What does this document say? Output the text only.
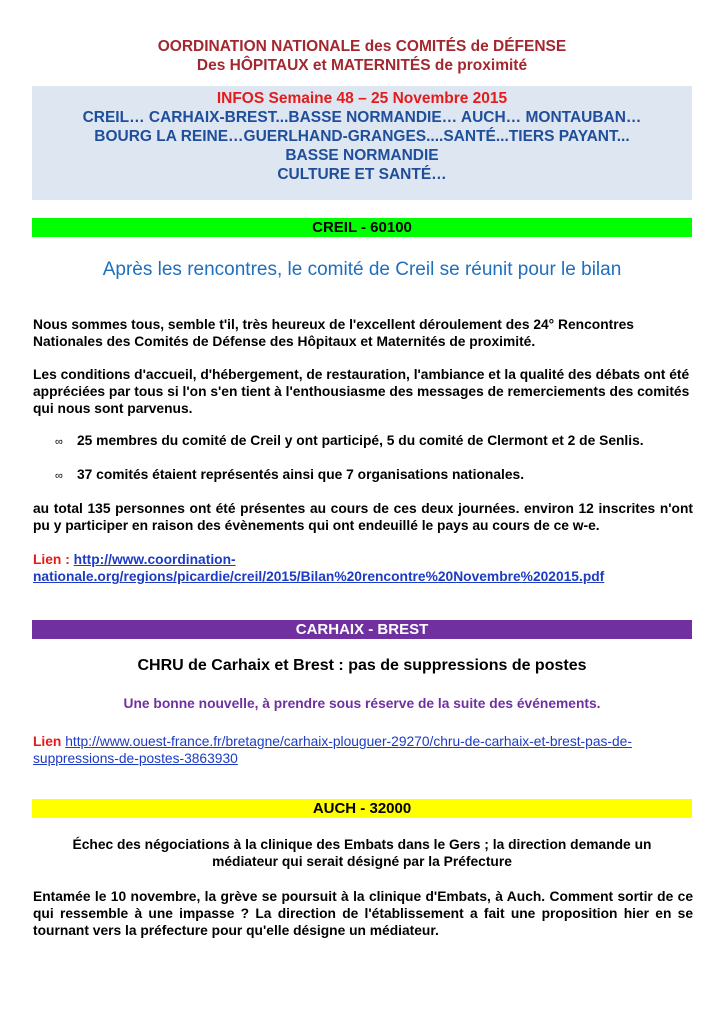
OORDINATION NATIONALE des COMITÉS de DÉFENSE
Des HÔPITAUX et MATERNITÉS de proximité
INFOS Semaine 48 – 25 Novembre 2015
CREIL… CARHAIX-BREST...BASSE NORMANDIE… AUCH… MONTAUBAN…
BOURG LA REINE…GUERLHAND-GRANGES....SANTÉ...TIERS PAYANT...
BASSE NORMANDIE
CULTURE ET SANTÉ…
CREIL - 60100
Après les rencontres, le comité de Creil se réunit pour le bilan
Nous sommes tous, semble t'il, très heureux de l'excellent déroulement des 24° Rencontres Nationales des Comités de Défense des Hôpitaux et Maternités de proximité.
Les conditions d'accueil, d'hébergement, de restauration, l'ambiance et la qualité des débats ont été appréciées par tous si l'on s'en tient à l'enthousiasme des messages de remerciements des comités qui nous sont parvenus.
∞ 25 membres du comité de Creil y ont participé, 5 du comité de Clermont et 2 de Senlis.
∞ 37 comités étaient représentés ainsi que 7 organisations nationales.
au total 135 personnes ont été présentes au cours de ces deux journées. environ 12 inscrites n'ont pu y participer en raison des évènements qui ont endeuillé le pays au cours de ce w-e.
Lien : http://www.coordination-
nationale.org/regions/picardie/creil/2015/Bilan%20rencontre%20Novembre%202015.pdf
CARHAIX - BREST
CHRU de Carhaix et Brest : pas de suppressions de postes
Une bonne nouvelle, à prendre sous réserve de la suite des événements.
Lien http://www.ouest-france.fr/bretagne/carhaix-plouguer-29270/chru-de-carhaix-et-brest-pas-de-
suppressions-de-postes-3863930
AUCH - 32000
Échec des négociations à la clinique des Embats dans le Gers ; la direction demande un
médiateur qui serait désigné par la Préfecture
Entamée le 10 novembre, la grève se poursuit à la clinique d'Embats, à Auch. Comment sortir de ce qui ressemble à une impasse ? La direction de l'établissement a fait une proposition hier en se tournant vers la préfecture pour qu'elle désigne un médiateur.
